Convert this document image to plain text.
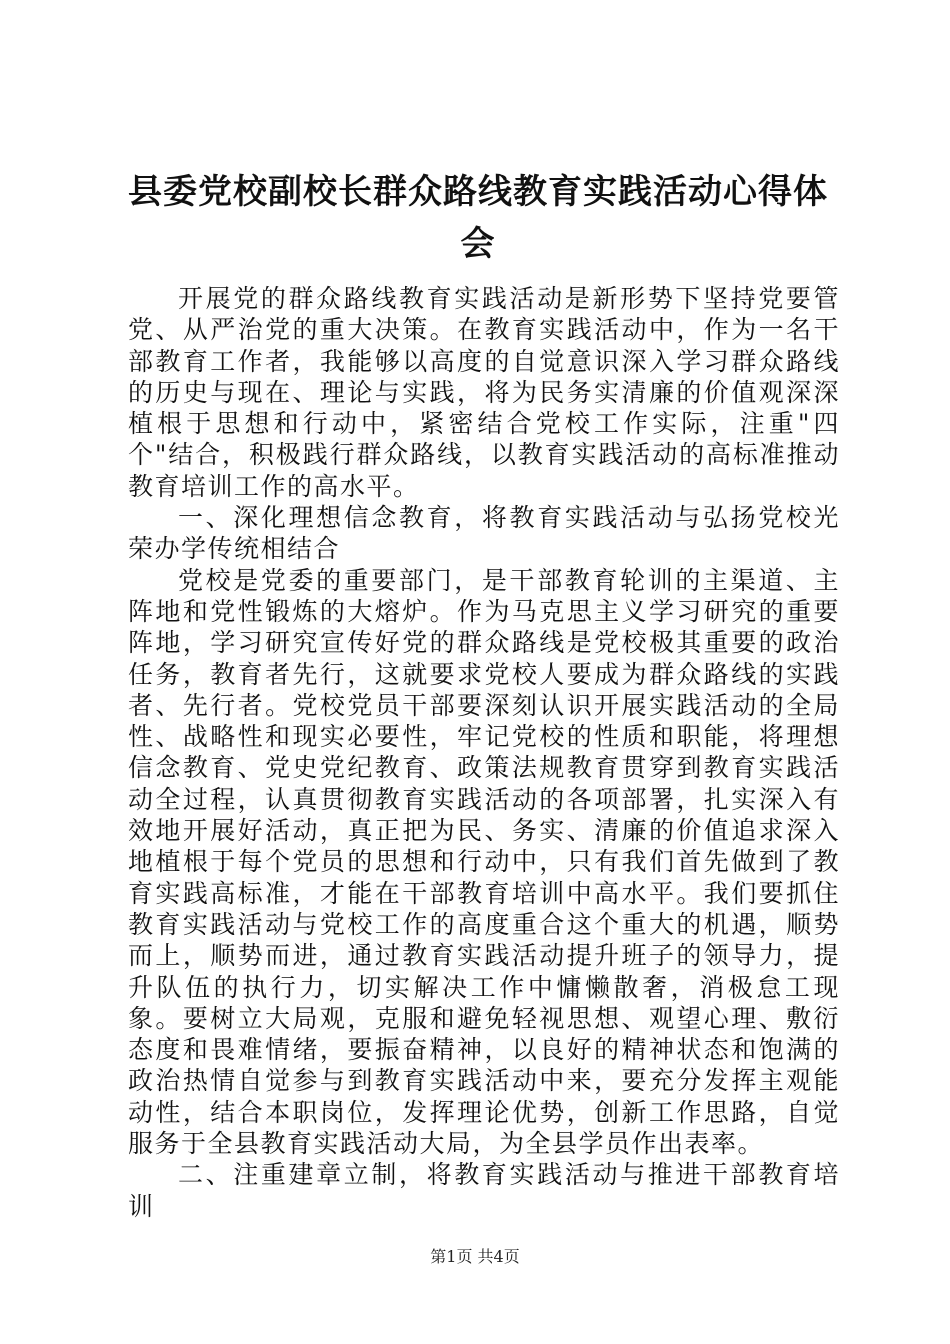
县委党校副校长群众路线教育实践活动心得体会

开展党的群众路线教育实践活动是新形势下坚持党要管党、从严治党的重大决策。在教育实践活动中，作为一名干部教育工作者，我能够以高度的自觉意识深入学习群众路线的历史与现在、理论与实践，将为民务实清廉的价值观深深植根于思想和行动中，紧密结合党校工作实际，注重"四个"结合，积极践行群众路线，以教育实践活动的高标准推动教育培训工作的高水平。

一、深化理想信念教育，将教育实践活动与弘扬党校光荣办学传统相结合

党校是党委的重要部门，是干部教育轮训的主渠道、主阵地和党性锻炼的大熔炉。作为马克思主义学习研究的重要阵地，学习研究宣传好党的群众路线是党校极其重要的政治任务，教育者先行，这就要求党校人要成为群众路线的实践者、先行者。党校党员干部要深刻认识开展实践活动的全局性、战略性和现实必要性，牢记党校的性质和职能，将理想信念教育、党史党纪教育、政策法规教育贯穿到教育实践活动全过程，认真贯彻教育实践活动的各项部署，扎实深入有效地开展好活动，真正把为民、务实、清廉的价值追求深入地植根于每个党员的思想和行动中，只有我们首先做到了教育实践高标准，才能在干部教育培训中高水平。我们要抓住教育实践活动与党校工作的高度重合这个重大的机遇，顺势而上，顺势而进，通过教育实践活动提升班子的领导力，提升队伍的执行力，切实解决工作中慵懒散奢，消极怠工现象。要树立大局观，克服和避免轻视思想、观望心理、敷衍态度和畏难情绪，要振奋精神，以良好的精神状态和饱满的政治热情自觉参与到教育实践活动中来，要充分发挥主观能动性，结合本职岗位，发挥理论优势，创新工作思路，自觉服务于全县教育实践活动大局，为全县学员作出表率。

二、注重建章立制，将教育实践活动与推进干部教育培训

第1页 共4页
